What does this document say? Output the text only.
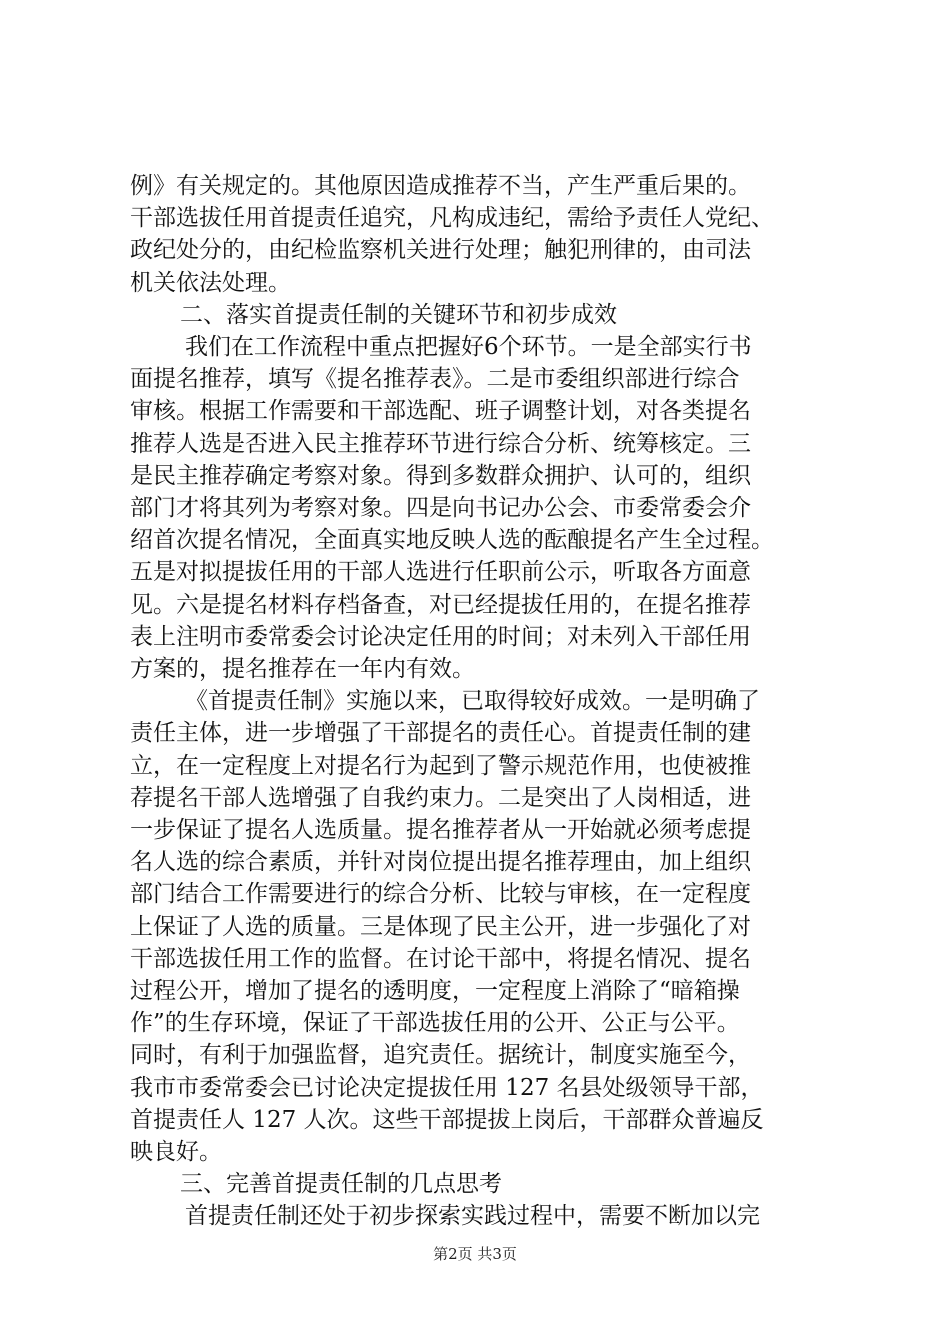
例》有关规定的。其他原因造成推荐不当，产生严重后果的。
干部选拔任用首提责任追究，凡构成违纪，需给予责任人党纪、
政纪处分的，由纪检监察机关进行处理；触犯刑律的，由司法
机关依法处理。
二、落实首提责任制的关键环节和初步成效
我们在工作流程中重点把握好6个环节。一是全部实行书
面提名推荐，填写《提名推荐表》。二是市委组织部进行综合
审核。根据工作需要和干部选配、班子调整计划，对各类提名
推荐人选是否进入民主推荐环节进行综合分析、统筹核定。三
是民主推荐确定考察对象。得到多数群众拥护、认可的，组织
部门才将其列为考察对象。四是向书记办公会、市委常委会介
绍首次提名情况，全面真实地反映人选的酝酿提名产生全过程。
五是对拟提拔任用的干部人选进行任职前公示，听取各方面意
见。六是提名材料存档备查，对已经提拔任用的，在提名推荐
表上注明市委常委会讨论决定任用的时间；对未列入干部任用
方案的，提名推荐在一年内有效。
《首提责任制》实施以来，已取得较好成效。一是明确了
责任主体，进一步增强了干部提名的责任心。首提责任制的建
立，在一定程度上对提名行为起到了警示规范作用，也使被推
荐提名干部人选增强了自我约束力。二是突出了人岗相适，进
一步保证了提名人选质量。提名推荐者从一开始就必须考虑提
名人选的综合素质，并针对岗位提出提名推荐理由，加上组织
部门结合工作需要进行的综合分析、比较与审核，在一定程度
上保证了人选的质量。三是体现了民主公开，进一步强化了对
干部选拔任用工作的监督。在讨论干部中，将提名情况、提名
过程公开，增加了提名的透明度，一定程度上消除了“暗箱操
作”的生存环境，保证了干部选拔任用的公开、公正与公平。
同时，有利于加强监督，追究责任。据统计，制度实施至今，
我市市委常委会已讨论决定提拔任用 127 名县处级领导干部，
首提责任人 127 人次。这些干部提拔上岗后，干部群众普遍反
映良好。
三、完善首提责任制的几点思考
首提责任制还处于初步探索实践过程中，需要不断加以完
第2页 共3页
